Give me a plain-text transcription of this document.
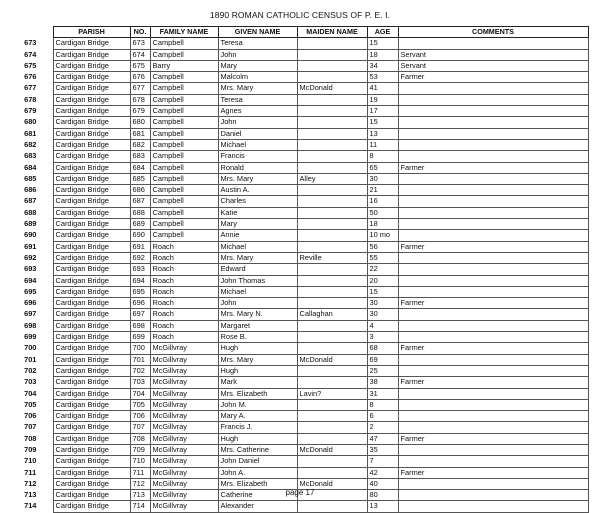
1890 ROMAN CATHOLIC CENSUS OF P. E. I.
	PARISH	NO.	FAMILY NAME	GIVEN NAME	MAIDEN NAME	AGE	COMMENTS
673	Cardigan Bridge	673	Campbell	Teresa		15	
674	Cardigan Bridge	674	Campbell	John		18	Servant
675	Cardigan Bridge	675	Barry	Mary		34	Servant
676	Cardigan Bridge	676	Campbell	Malcolm		53	Farmer
677	Cardigan Bridge	677	Campbell	Mrs. Mary	McDonald	41	
678	Cardigan Bridge	678	Campbell	Teresa		19	
679	Cardigan Bridge	679	Campbell	Agnes		17	
680	Cardigan Bridge	680	Campbell	John		15	
681	Cardigan Bridge	681	Campbell	Daniel		13	
682	Cardigan Bridge	682	Campbell	Michael		11	
683	Cardigan Bridge	683	Campbell	Francis		8	
684	Cardigan Bridge	684	Campbell	Ronald		65	Farmer
685	Cardigan Bridge	685	Campbell	Mrs. Mary	Alley	30	
686	Cardigan Bridge	686	Campbell	Austin A.		21	
687	Cardigan Bridge	687	Campbell	Charles		16	
688	Cardigan Bridge	688	Campbell	Katie		50	
689	Cardigan Bridge	689	Campbell	Mary		18	
690	Cardigan Bridge	690	Campbell	Annie		10 mo	
691	Cardigan Bridge	691	Roach	Michael		56	Farmer
692	Cardigan Bridge	692	Roach	Mrs. Mary	Reville	55	
693	Cardigan Bridge	693	Roach	Edward		22	
694	Cardigan Bridge	694	Roach	John Thomas		20	
695	Cardigan Bridge	695	Roach	Michael		15	
696	Cardigan Bridge	696	Roach	John		30	Farmer
697	Cardigan Bridge	697	Roach	Mrs. Mary N.	Callaghan	30	
698	Cardigan Bridge	698	Roach	Margaret		4	
699	Cardigan Bridge	699	Roach	Rose B.		3	
700	Cardigan Bridge	700	McGillvray	Hugh		68	Farmer
701	Cardigan Bridge	701	McGillvray	Mrs. Mary	McDonald	69	
702	Cardigan Bridge	702	McGillvray	Hugh		25	
703	Cardigan Bridge	703	McGillvray	Mark		38	Farmer
704	Cardigan Bridge	704	McGillvray	Mrs. Elizabeth	Lavin?	31	
705	Cardigan Bridge	705	McGillvray	John M.		8	
706	Cardigan Bridge	706	McGillvray	Mary A.		6	
707	Cardigan Bridge	707	McGillvray	Francis J.		2	
708	Cardigan Bridge	708	McGillvray	Hugh		47	Farmer
709	Cardigan Bridge	709	McGillvray	Mrs. Catherine	McDonald	35	
710	Cardigan Bridge	710	McGillvray	John Daniel		7	
711	Cardigan Bridge	711	McGillvray	John A.		42	Farmer
712	Cardigan Bridge	712	McGillvray	Mrs. Elizabeth	McDonald	40	
713	Cardigan Bridge	713	McGillvray	Catherine		80	
714	Cardigan Bridge	714	McGillvray	Alexander		13	
page 17
